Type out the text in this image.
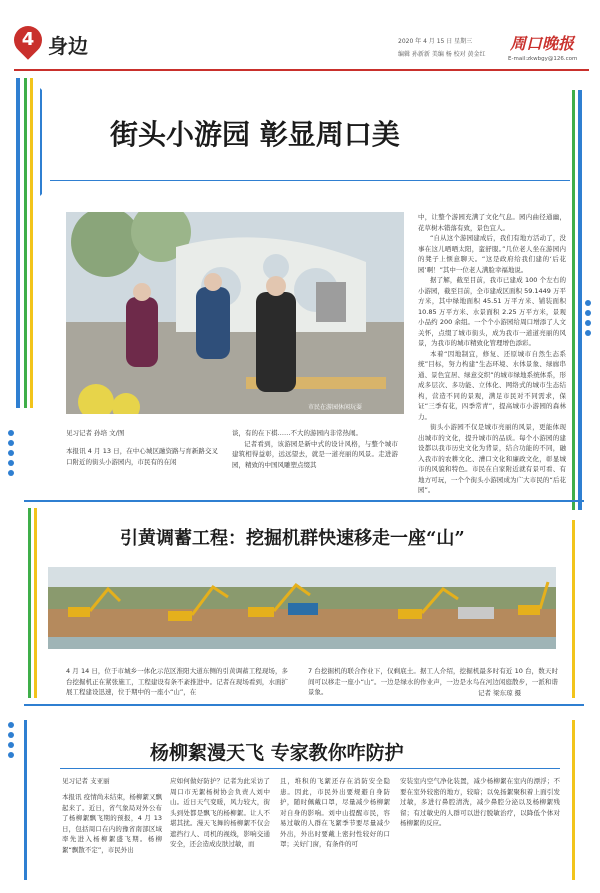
4 身边	2020 年 4 月 15 日 星期三
编辑 孙新新 美编 杨 校对 黄金红
周口晚报
E-mail:zkwbgy@126.com
街头小游园 彰显周口美
市民在游园休闲玩耍
见习记者 孙培 文/图
本报讯 4 月 13 日，在中心城区融资路与育新路交叉口附近的街头小游园内，市民有的在闲
谈，有的在下棋……不大的游园内非常热闹。
记者看到，该游园是新中式的设计风格，与整个城市建筑相得益彰，远远望去，就是一道亮丽的风景。走进游园，精致的中国风雕塑点缀其
中，让整个游园充满了文化气息。园内曲径通幽，花草树木错落有致，景色宜人。
“自从这个游园建成后，我们有地方活动了，没事在这儿晒晒太阳，蛮舒服。”几位老人坐在游园内的凳子上惬意聊天。“这是政府给我们建的‘后花园’啊！”其中一位老人满脸幸福地说。
据了解，截至目前，我市已建成 100 个左右的小游园，截至目前，全市建成区面积 59.1449 万平方米，其中绿地面积 45.51 万平方米、铺装面积 10.85 万平方米、水景面积 2.25 万平方米，景观小品约 200 余组。一个个小游园给周口增添了人文关怀，点缀了城市街头，成为我市一道道亮丽的风景，为我市的城市精致化管理增色添彩。
本着“因地制宜，修复、还原城市自然生态系统”目标，努力构建“生态环境、水体景象、绿廊串通、景色宜居、绿意交织”的城市绿地系统体系，形成多层次、多功能、立体化、网络式的城市生态结构，营造不同的景观，满足市民对不同需求，保证“三季有花，四季常青”，提高城市小游园的森林力。
街头小游园不仅是城市亮丽的风景，更能体现出城市的文化，提升城市的品质。每个小游园的建设都以我市历史文化为背景，结合功能的不同，融入我市的农耕文化、漕口文化和廉政文化，彰显城市的风貌和特色。市民在自家附近就有景可看、有地方可玩，一个个街头小游园成为广大市民的“后花园”。
引黄调蓄工程：挖掘机群快速移走一座“山”
4 月 14 日，位于市城乡一体化示范区淮阳大道东侧的引黄调蓄工程现场，多台挖掘机正在紧张施工，工程建设有条不紊推进中。记者在现场看到，水面扩展工程建设迅速，位于期中的一座小“山”，在
7 台挖掘机的联合作业下，仅剩底土。据工人介绍，挖掘机最多时有近 10 台，数天时间可以移走一座小“山”。一边是绿水的作业声，一边是水鸟在河边闲庭散步，一派和谐景象。	记者 梁东琼 摄
杨柳絮漫天飞 专家教你咋防护
见习记者 支亚丽
本报讯 疫情尚未结束，杨柳絮又飘起来了。近日，省气象局对外公布了杨柳絮飘飞期的预报，4 月 13 日，包括周口在内的豫省南部区域率先进入杨柳絮盛飞期。杨柳絮“飘散不定”，市民外出
应如何做好防护？记者为此采访了周口市无絮杨树协会负责人刘中山。近日天气变暖，风力较大，街头到处都是飘飞的杨柳絮。让人不堪其扰。漫天飞舞的杨柳絮不仅会遮挡行人、司机的视线，影响交通安全，还会造成皮肤过敏，而
且，堆积的飞絮还存在消防安全隐患。因此，市民外出要规避自身防护，随时佩戴口罩，尽量减少杨柳絮对自身的影响。刘中山提醒市民，容易过敏的人群在飞絮季节要尽量减少外出，外出时要戴上密封性较好的口罩；关好门窗，有条件的可
安装室内空气净化装置，减少杨柳絮在室内的漂浮；不要在室外较密的地方，较暗；以免扬絮聚积着上面引发过敏，多进行鼻腔清洗，减少鼻腔分泌以及杨柳絮残留；有过敏史的人群可以进行脱敏治疗，以降低个体对杨柳絮的反应。
